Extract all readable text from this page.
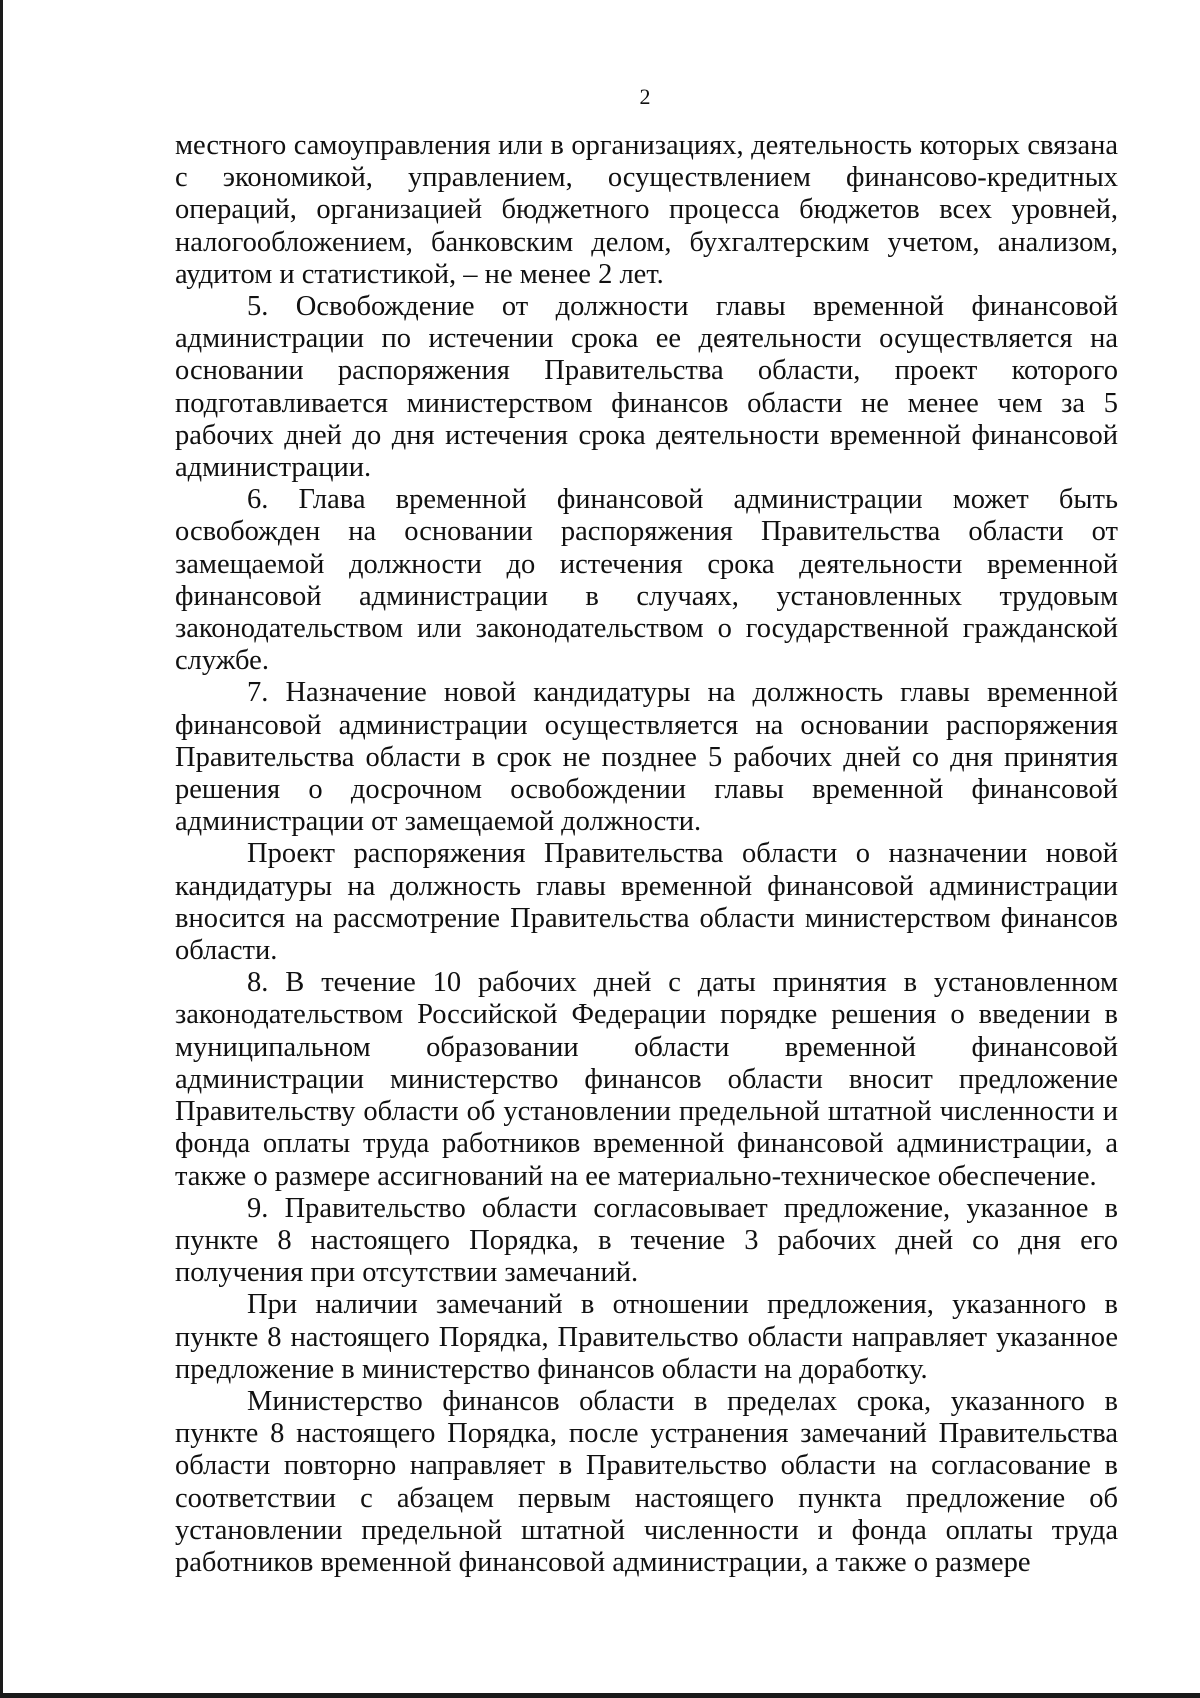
2

местного самоуправления или в организациях, деятельность которых связана с экономикой, управлением, осуществлением финансово-кредитных операций, организацией бюджетного процесса бюджетов всех уровней, налогообложением, банковским делом, бухгалтерским учетом, анализом, аудитом и статистикой, – не менее 2 лет.

5. Освобождение от должности главы временной финансовой администрации по истечении срока ее деятельности осуществляется на основании распоряжения Правительства области, проект которого подготавливается министерством финансов области не менее чем за 5 рабочих дней до дня истечения срока деятельности временной финансовой администрации.

6. Глава временной финансовой администрации может быть освобожден на основании распоряжения Правительства области от замещаемой должности до истечения срока деятельности временной финансовой администрации в случаях, установленных трудовым законодательством или законодательством о государственной гражданской службе.

7. Назначение новой кандидатуры на должность главы временной финансовой администрации осуществляется на основании распоряжения Правительства области в срок не позднее 5 рабочих дней со дня принятия решения о досрочном освобождении главы временной финансовой администрации от замещаемой должности.

Проект распоряжения Правительства области о назначении новой кандидатуры на должность главы временной финансовой администрации вносится на рассмотрение Правительства области министерством финансов области.

8. В течение 10 рабочих дней с даты принятия в установленном законодательством Российской Федерации порядке решения о введении в муниципальном образовании области временной финансовой администрации министерство финансов области вносит предложение Правительству области об установлении предельной штатной численности и фонда оплаты труда работников временной финансовой администрации, а также о размере ассигнований на ее материально-техническое обеспечение.

9. Правительство области согласовывает предложение, указанное в пункте 8 настоящего Порядка, в течение 3 рабочих дней со дня его получения при отсутствии замечаний.

При наличии замечаний в отношении предложения, указанного в пункте 8 настоящего Порядка, Правительство области направляет указанное предложение в министерство финансов области на доработку.

Министерство финансов области в пределах срока, указанного в пункте 8 настоящего Порядка, после устранения замечаний Правительства области повторно направляет в Правительство области на согласование в соответствии с абзацем первым настоящего пункта предложение об установлении предельной штатной численности и фонда оплаты труда работников временной финансовой администрации, а также о размере
